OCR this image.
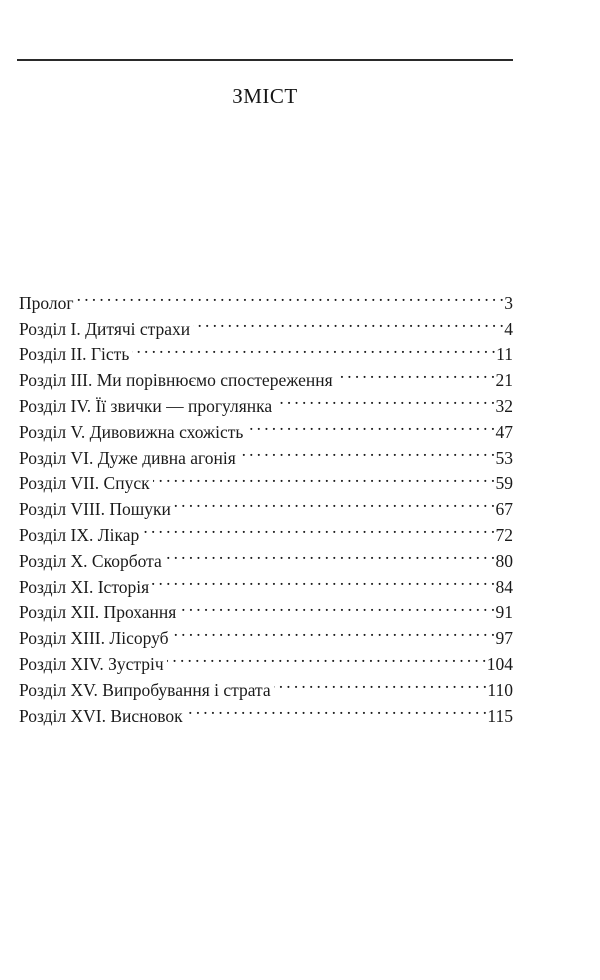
ЗМІСТ
Пролог . . .	3
Розділ I. Дитячі страхи . . .	4
Розділ II. Гість . . .	11
Розділ III. Ми порівнюємо спостереження . . .	21
Розділ IV. Її звички — прогулянка . . .	32
Розділ V. Дивовижна схожість . . .	47
Розділ VI. Дуже дивна агонія . . .	53
Розділ VII. Спуск . . .	59
Розділ VIII. Пошуки . . .	67
Розділ IX. Лікар . . .	72
Розділ X. Скорбота . . .	80
Розділ XI. Історія . . .	84
Розділ XII. Прохання . . .	91
Розділ XIII. Лісоруб . . .	97
Розділ XIV. Зустріч . . .	104
Розділ XV. Випробування і страта . . .	110
Розділ XVI. Висновок . . .	115
